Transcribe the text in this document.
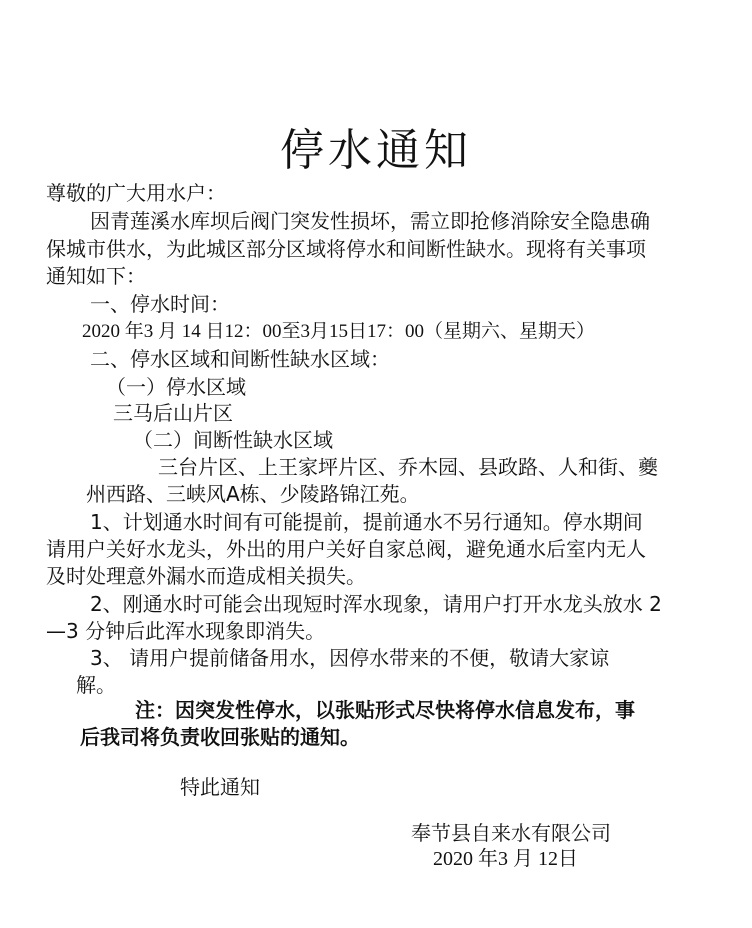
停水通知
尊敬的广大用水户：
因青莲溪水库坝后阀门突发性损坏，需立即抢修消除安全隐患确
保城市供水，为此城区部分区域将停水和间断性缺水。现将有关事项
通知如下：
一、停水时间：
2020 年3 月 14 日12：00至3月15日17：00（星期六、星期天）
二、停水区域和间断性缺水区域：
（一）停水区域
三马后山片区
（二）间断性缺水区域
三台片区、上王家坪片区、乔木园、县政路、人和街、夔
州西路、三峡风A栋、少陵路锦江苑。
1、计划通水时间有可能提前，提前通水不另行通知。停水期间
请用户关好水龙头，外出的用户关好自家总阀，避免通水后室内无人
及时处理意外漏水而造成相关损失。
2、刚通水时可能会出现短时浑水现象，请用户打开水龙头放水 2
—3 分钟后此浑水现象即消失。
3、 请用户提前储备用水，因停水带来的不便，敬请大家谅
解。
注：因突发性停水，以张贴形式尽快将停水信息发布，事
后我司将负责收回张贴的通知。
特此通知
奉节县自来水有限公司
2020 年3 月 12日
